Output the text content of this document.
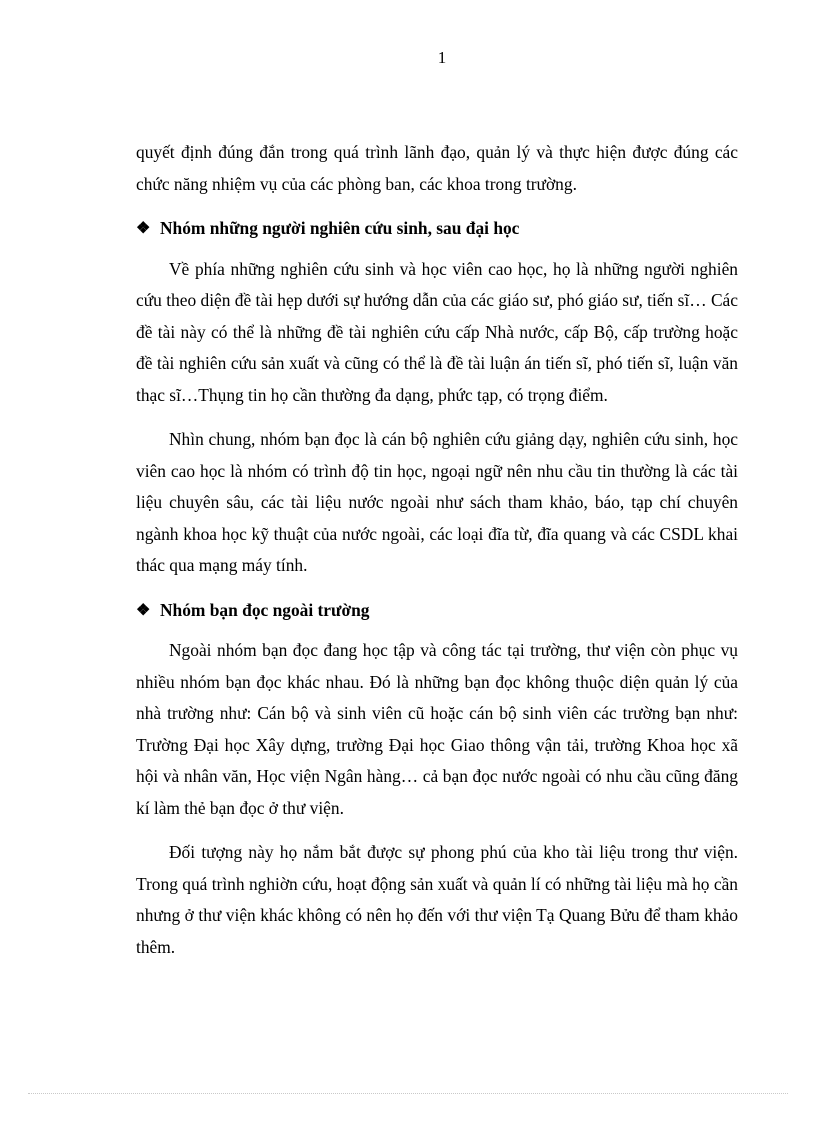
1

quyết định đúng đắn trong quá trình lãnh đạo, quản lý và thực hiện được đúng các chức năng nhiệm vụ của các phòng ban, các khoa trong trường.

❖ Nhóm những người nghiên cứu sinh, sau đại học

Về phía những nghiên cứu sinh và học viên cao học, họ là những người nghiên cứu theo diện đề tài hẹp dưới sự hướng dẫn của các giáo sư, phó giáo sư, tiến sĩ… Các đề tài này có thể là những đề tài nghiên cứu cấp Nhà nước, cấp Bộ, cấp trường hoặc đề tài nghiên cứu sản xuất và cũng có thể là đề tài luận án tiến sĩ, phó tiến sĩ, luận văn thạc sĩ…Thụng tin họ cần thường đa dạng, phức tạp, có trọng điểm.

Nhìn chung, nhóm bạn đọc là cán bộ nghiên cứu giảng dạy, nghiên cứu sinh, học viên cao học là nhóm có trình độ tin học, ngoại ngữ nên nhu cầu tin thường là các tài liệu chuyên sâu, các tài liệu nước ngoài như sách tham khảo, báo, tạp chí chuyên ngành khoa học kỹ thuật của nước ngoài, các loại đĩa từ, đĩa quang và các CSDL khai thác qua mạng máy tính.

❖ Nhóm bạn đọc ngoài trường

Ngoài nhóm bạn đọc đang học tập và công tác tại trường, thư viện còn phục vụ nhiều nhóm bạn đọc khác nhau. Đó là những bạn đọc không thuộc diện quản lý của nhà trường như: Cán bộ và sinh viên cũ hoặc cán bộ sinh viên các trường bạn như: Trường Đại học Xây dựng, trường Đại học Giao thông vận tải, trường Khoa học xã hội và nhân văn, Học viện Ngân hàng… cả bạn đọc nước ngoài có nhu cầu cũng đăng kí làm thẻ bạn đọc ở thư viện.

Đối tượng này họ nắm bắt được sự phong phú của kho tài liệu trong thư viện. Trong quá trình nghiờn cứu, hoạt động sản xuất và quản lí có những tài liệu mà họ cần nhưng ở thư viện khác không có nên họ đến với thư viện Tạ Quang Bửu để tham khảo thêm.
